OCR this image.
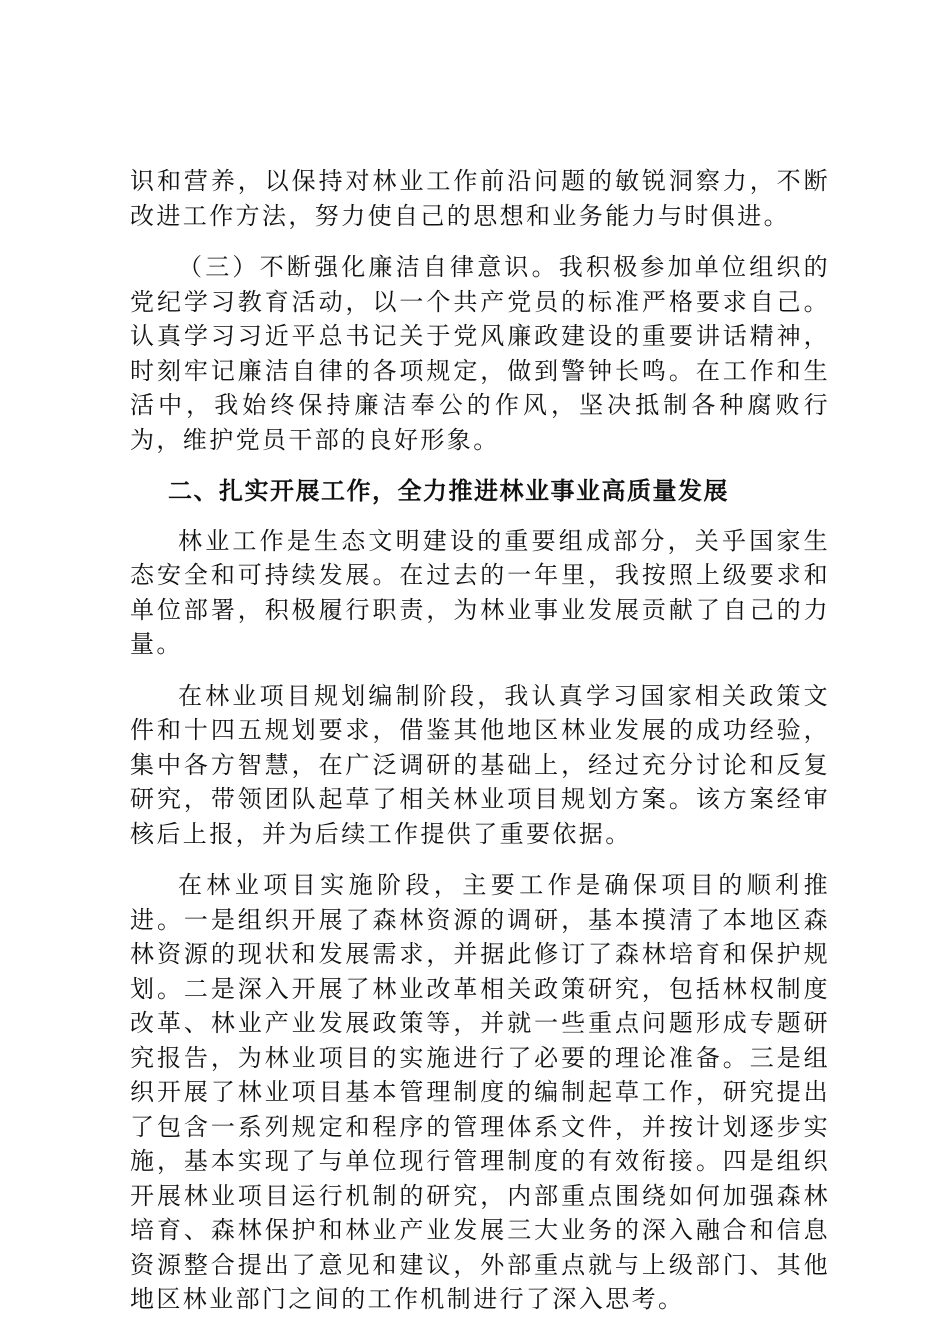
识和营养，以保持对林业工作前沿问题的敏锐洞察力，不断改进工作方法，努力使自己的思想和业务能力与时俱进。

（三）不断强化廉洁自律意识。我积极参加单位组织的党纪学习教育活动，以一个共产党员的标准严格要求自己。认真学习习近平总书记关于党风廉政建设的重要讲话精神，时刻牢记廉洁自律的各项规定，做到警钟长鸣。在工作和生活中，我始终保持廉洁奉公的作风，坚决抵制各种腐败行为，维护党员干部的良好形象。

二、扎实开展工作，全力推进林业事业高质量发展

林业工作是生态文明建设的重要组成部分，关乎国家生态安全和可持续发展。在过去的一年里，我按照上级要求和单位部署，积极履行职责，为林业事业发展贡献了自己的力量。

在林业项目规划编制阶段，我认真学习国家相关政策文件和十四五规划要求，借鉴其他地区林业发展的成功经验，集中各方智慧，在广泛调研的基础上，经过充分讨论和反复研究，带领团队起草了相关林业项目规划方案。该方案经审核后上报，并为后续工作提供了重要依据。

在林业项目实施阶段，主要工作是确保项目的顺利推进。一是组织开展了森林资源的调研，基本摸清了本地区森林资源的现状和发展需求，并据此修订了森林培育和保护规划。二是深入开展了林业改革相关政策研究，包括林权制度改革、林业产业发展政策等，并就一些重点问题形成专题研究报告，为林业项目的实施进行了必要的理论准备。三是组织开展了林业项目基本管理制度的编制起草工作，研究提出了包含一系列规定和程序的管理体系文件，并按计划逐步实施，基本实现了与单位现行管理制度的有效衔接。四是组织开展林业项目运行机制的研究，内部重点围绕如何加强森林培育、森林保护和林业产业发展三大业务的深入融合和信息资源整合提出了意见和建议，外部重点就与上级部门、其他地区林业部门之间的工作机制进行了深入思考。
